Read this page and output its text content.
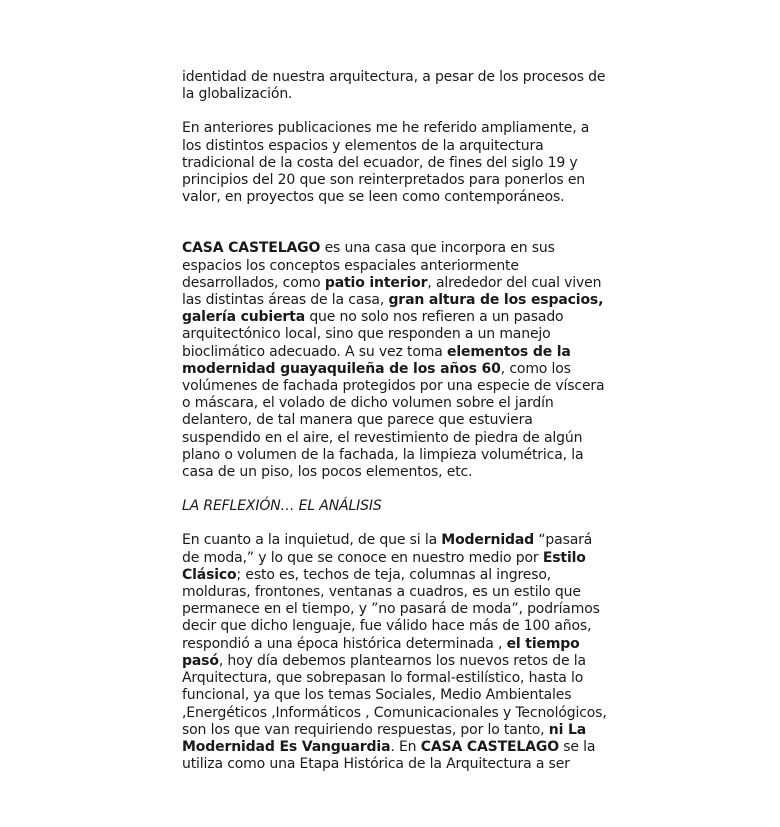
identidad de nuestra arquitectura, a pesar de los procesos de la globalización.

En anteriores publicaciones me he referido ampliamente, a los distintos espacios y elementos de la arquitectura tradicional de la costa del ecuador, de fines del siglo 19 y principios del 20 que son reinterpretados para ponerlos en valor, en proyectos que se leen como contemporáneos.

CASA CASTELAGO es una casa que incorpora en sus espacios los conceptos espaciales anteriormente desarrollados, como patio interior, alrededor del cual viven las distintas áreas de la casa, gran altura de los espacios, galería cubierta que no solo nos refieren a un pasado arquitectónico local, sino que responden a un manejo bioclimático adecuado. A su vez toma elementos de la modernidad guayaquileña de los años 60, como los volúmenes de fachada protegidos por una especie de víscera o máscara, el volado de dicho volumen sobre el jardín delantero, de tal manera que parece que estuviera suspendido en el aire, el revestimiento de piedra de algún plano o volumen de la fachada, la limpieza volumétrica, la casa de un piso, los pocos elementos, etc.

LA REFLEXIÓN… EL ANÁLISIS

En cuanto a la inquietud, de que si la Modernidad “pasará de moda,” y lo que se conoce en nuestro medio por Estilo Clásico; esto es, techos de teja, columnas al ingreso, molduras, frontones, ventanas a cuadros, es un estilo que permanece en el tiempo, y ”no pasará de moda”, podríamos decir que dicho lenguaje, fue válido hace más de 100 años, respondió a una época histórica determinada , el tiempo pasó, hoy día debemos plantearnos los nuevos retos de la Arquitectura, que sobrepasan lo formal-estilístico, hasta lo funcional, ya que los temas Sociales, Medio Ambientales ,Energéticos ,Informáticos , Comunicacionales y Tecnológicos, son los que van requiriendo respuestas, por lo tanto, ni La Modernidad Es Vanguardia. En CASA CASTELAGO se la utiliza como una Etapa Histórica de la Arquitectura a ser
